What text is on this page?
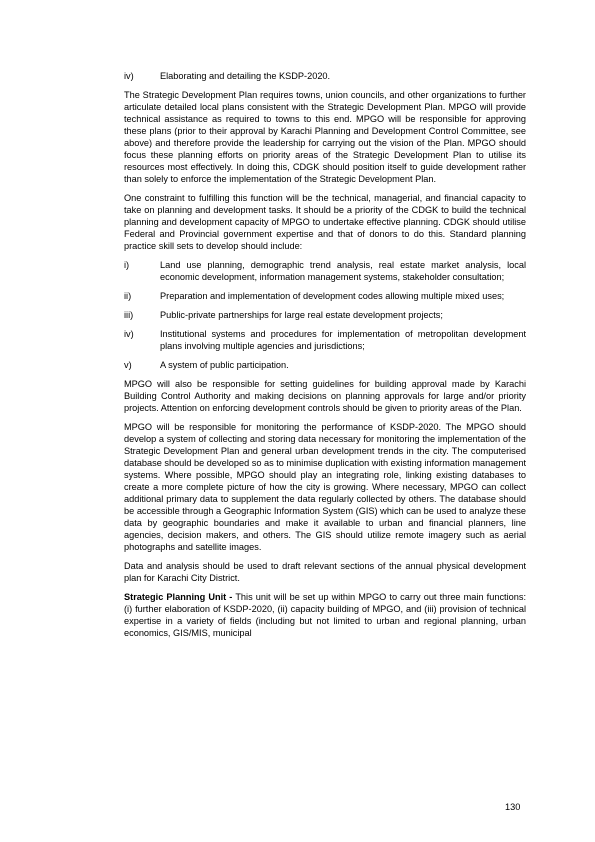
iv)	Elaborating and detailing the KSDP-2020.

The Strategic Development Plan requires towns, union councils, and other organizations to further articulate detailed local plans consistent with the Strategic Development Plan. MPGO will provide technical assistance as required to towns to this end. MPGO will be responsible for approving these plans (prior to their approval by Karachi Planning and Development Control Committee, see above) and therefore provide the leadership for carrying out the vision of the Plan. MPGO should focus these planning efforts on priority areas of the Strategic Development Plan to utilise its resources most effectively. In doing this, CDGK should position itself to guide development rather than solely to enforce the implementation of the Strategic Development Plan.

One constraint to fulfilling this function will be the technical, managerial, and financial capacity to take on planning and development tasks. It should be a priority of the CDGK to build the technical planning and development capacity of MPGO to undertake effective planning. CDGK should utilise Federal and Provincial government expertise and that of donors to do this. Standard planning practice skill sets to develop should include:

i)	Land use planning, demographic trend analysis, real estate market analysis, local economic development, information management systems, stakeholder consultation;
ii)	Preparation and implementation of development codes allowing multiple mixed uses;
iii)	Public-private partnerships for large real estate development projects;
iv)	Institutional systems and procedures for implementation of metropolitan development plans involving multiple agencies and jurisdictions;
v)	A system of public participation.

MPGO will also be responsible for setting guidelines for building approval made by Karachi Building Control Authority and making decisions on planning approvals for large and/or priority projects. Attention on enforcing development controls should be given to priority areas of the Plan.

MPGO will be responsible for monitoring the performance of KSDP-2020. The MPGO should develop a system of collecting and storing data necessary for monitoring the implementation of the Strategic Development Plan and general urban development trends in the city. The computerised database should be developed so as to minimise duplication with existing information management systems. Where possible, MPGO should play an integrating role, linking existing databases to create a more complete picture of how the city is growing. Where necessary, MPGO can collect additional primary data to supplement the data regularly collected by others. The database should be accessible through a Geographic Information System (GIS) which can be used to analyze these data by geographic boundaries and make it available to urban and financial planners, line agencies, decision makers, and others. The GIS should utilize remote imagery such as aerial photographs and satellite images.

Data and analysis should be used to draft relevant sections of the annual physical development plan for Karachi City District.

Strategic Planning Unit - This unit will be set up within MPGO to carry out three main functions: (i) further elaboration of KSDP-2020, (ii) capacity building of MPGO, and (iii) provision of technical expertise in a variety of fields (including but not limited to urban and regional planning, urban economics, GIS/MIS, municipal

130
